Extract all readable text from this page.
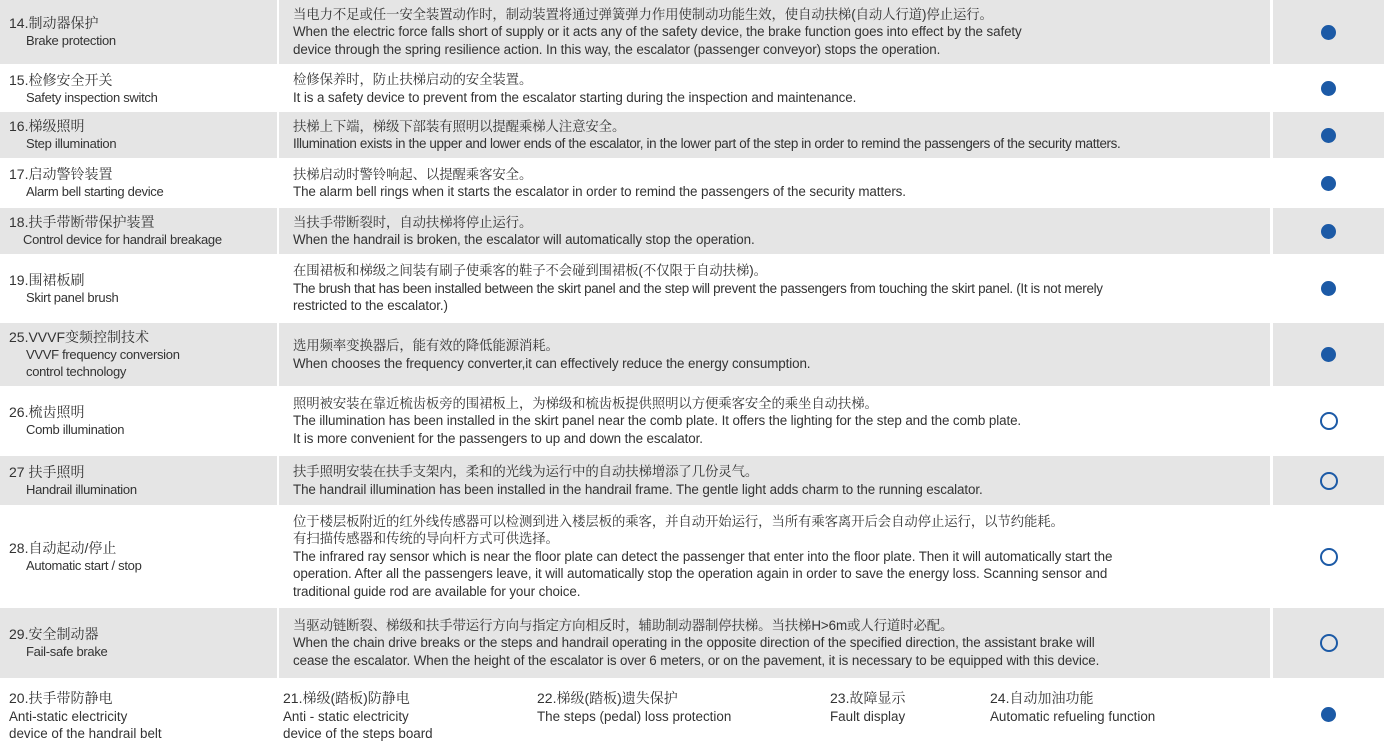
14.制动器保护
Brake protection
当电力不足或任一安全装置动作时，制动装置将通过弹簧弹力作用使制动功能生效，使自动扶梯(自动人行道)停止运行。
When the electric force falls short of supply or it acts any of the safety device, the brake function goes into effect by the safety
device through the spring resilience action. In this way, the escalator (passenger conveyor) stops the operation.
15.检修安全开关
Safety inspection switch
检修保养时，防止扶梯启动的安全装置。
It is a safety device to prevent from the escalator starting during the inspection and maintenance.
16.梯级照明
Step illumination
扶梯上下端，梯级下部装有照明以提醒乘梯人注意安全。
Illumination exists in the upper and lower ends of the escalator, in the lower part of the step in order to remind the passengers of the security matters.
17.启动警铃装置
Alarm bell starting device
扶梯启动时警铃响起、以提醒乘客安全。
The alarm bell rings when it starts the escalator in order to remind the passengers of the security matters.
18.扶手带断带保护装置
Control device for handrail breakage
当扶手带断裂时，自动扶梯将停止运行。
When the handrail is broken, the escalator will automatically stop the operation.
19.围裙板刷
Skirt panel brush
在围裙板和梯级之间装有刷子使乘客的鞋子不会碰到围裙板(不仅限于自动扶梯)。
The brush that has been installed between the skirt panel and the step will prevent the passengers from touching the skirt panel. (It is not merely
restricted to the escalator.)
25.VVVF变频控制技术
VVVF frequency conversion control technology
选用频率变换器后，能有效的降低能源消耗。
When chooses the frequency converter,it can effectively reduce the energy consumption.
26.梳齿照明
Comb illumination
照明被安装在靠近梳齿板旁的围裙板上，为梯级和梳齿板提供照明以方便乘客安全的乘坐自动扶梯。
The illumination has been installed in the skirt panel near the comb plate. It offers the lighting for the step and the comb plate.
It is more convenient for the passengers to up and down the escalator.
27 扶手照明
Handrail illumination
扶手照明安装在扶手支架内，柔和的光线为运行中的自动扶梯增添了几份灵气。
The handrail illumination has been installed in the handrail frame. The gentle light adds charm to the running escalator.
28.自动起动/停止
Automatic start / stop
位于楼层板附近的红外线传感器可以检测到进入楼层板的乘客，并自动开始运行，当所有乘客离开后会自动停止运行，以节约能耗。
有扫描传感器和传统的导向杆方式可供选择。
The infrared ray sensor which is near the floor plate can detect the passenger that enter into the floor plate. Then it will automatically start the
operation. After all the passengers leave, it will automatically stop the operation again in order to save the energy loss. Scanning sensor and
traditional guide rod are available for your choice.
29.安全制动器
Fail-safe brake
当驱动链断裂、梯级和扶手带运行方向与指定方向相反时，辅助制动器制停扶梯。当扶梯H>6m或人行道时必配。
When the chain drive breaks or the steps and handrail operating in the opposite direction of the specified direction, the assistant brake will
cease the escalator. When the height of the escalator is over 6 meters, or on the pavement, it is necessary to be equipped with this device.
20.扶手带防静电
Anti-static electricity
device of the handrail belt
21.梯级(踏板)防静电
Anti - static electricity
device of the steps board
22.梯级(踏板)遗失保护
The steps (pedal) loss protection
23.故障显示
Fault display
24.自动加油功能
Automatic refueling function
